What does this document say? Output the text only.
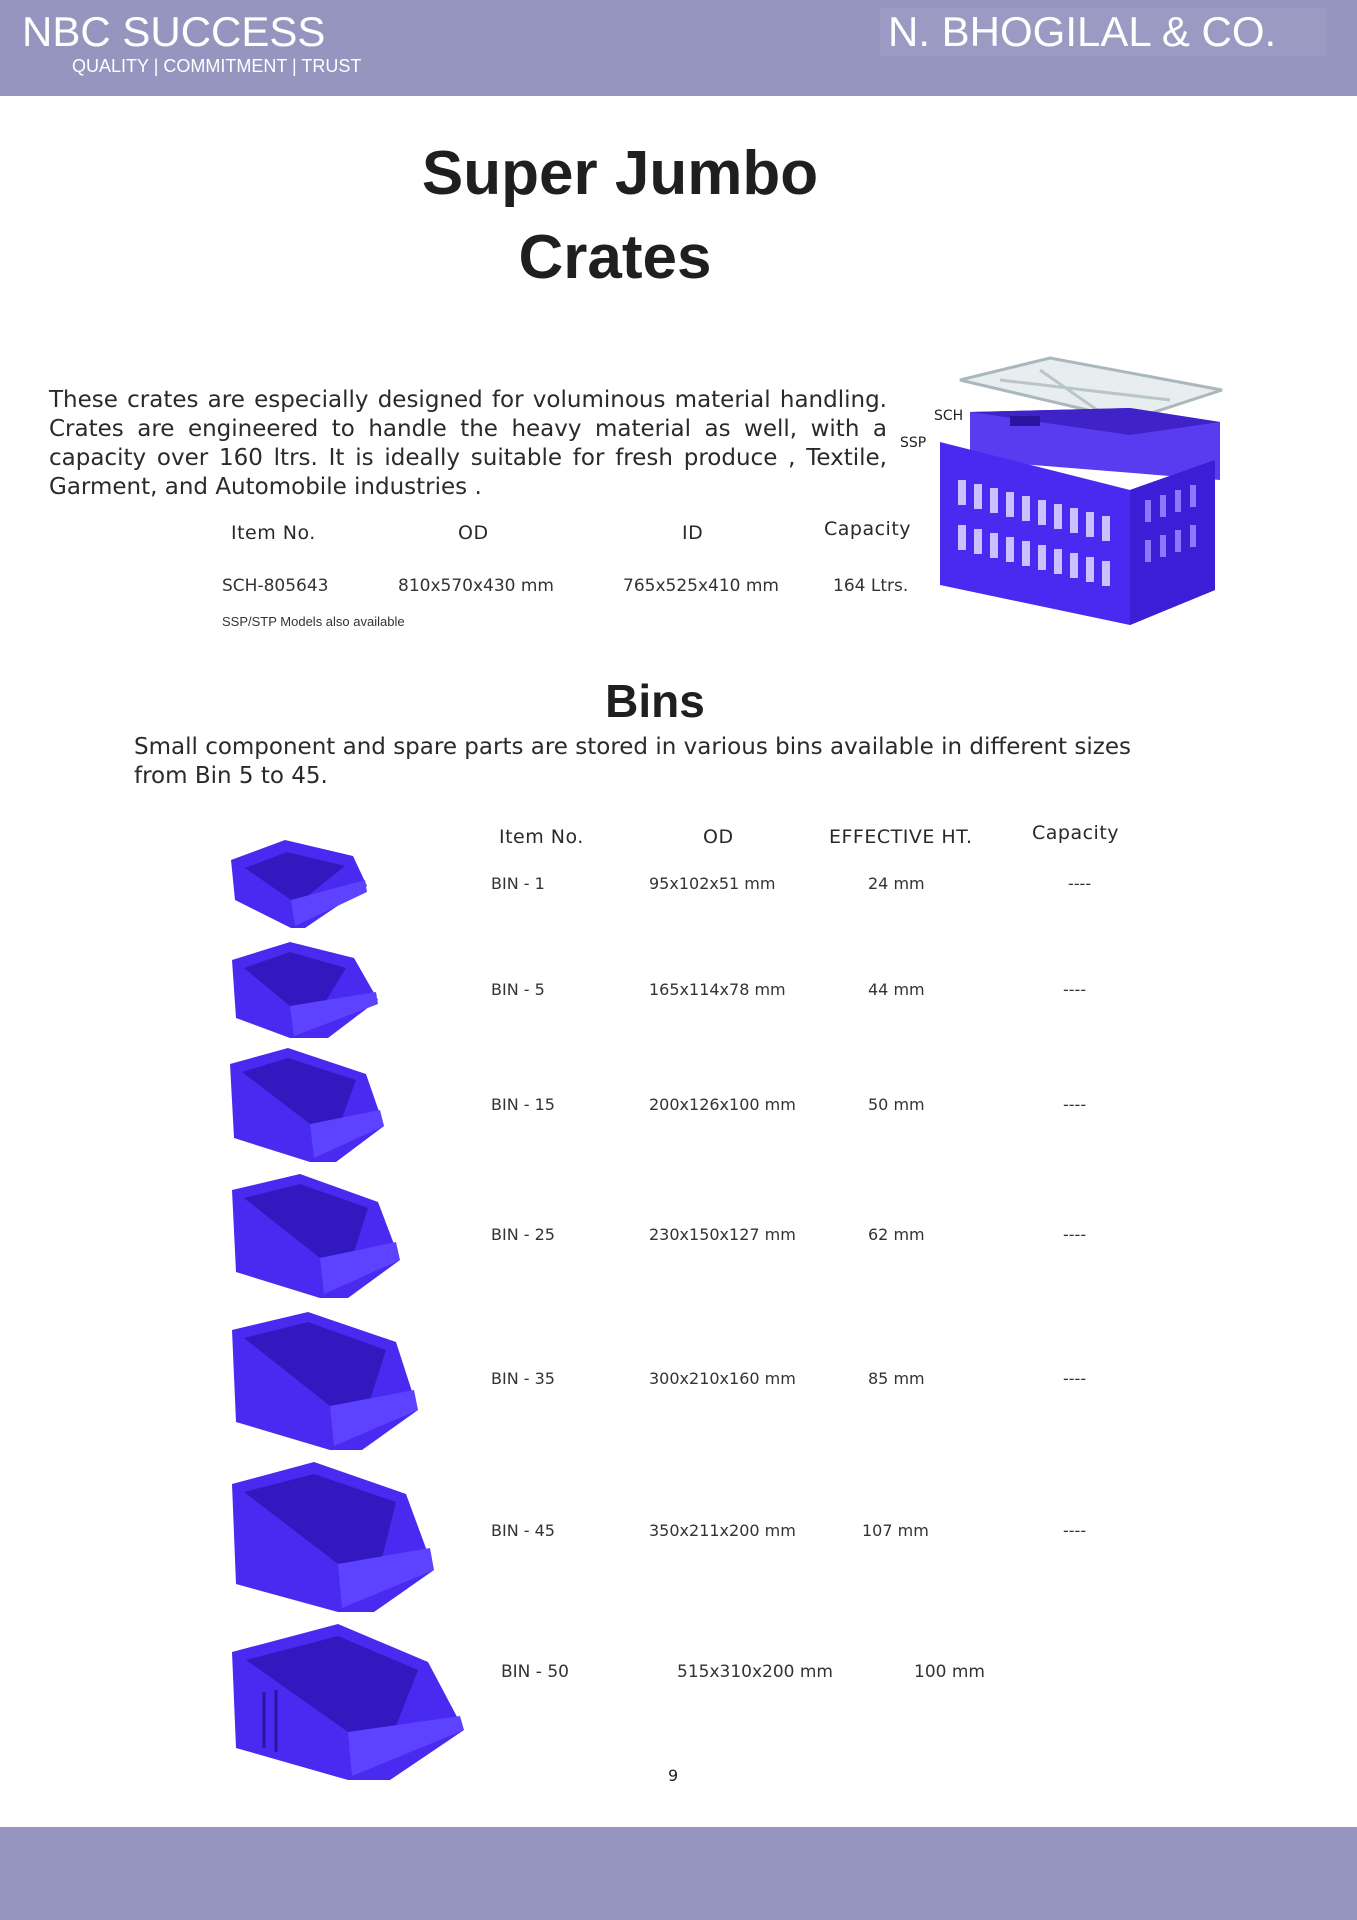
NBC SUCCESS
QUALITY | COMMITMENT | TRUST
N. BHOGILAL & CO.
Super Jumbo
Crates
These crates are especially designed for voluminous material handling. Crates are engineered to handle the heavy material as well, with a capacity over 160 ltrs. It is ideally suitable for fresh produce , Textile, Garment, and Automobile industries .
Item No.	OD	ID	Capacity
SCH-805643	810x570x430 mm	765x525x410 mm	164 Ltrs.
SSP/STP Models also available
SCH
SSP
Bins
Small component and spare parts are stored in various bins available in different sizes from Bin 5 to 45.
Item No.	OD	EFFECTIVE HT.	Capacity
BIN - 1	95x102x51 mm	24 mm	----
BIN - 5	165x114x78 mm	44 mm	----
BIN - 15	200x126x100 mm	50 mm	----
BIN - 25	230x150x127 mm	62 mm	----
BIN - 35	300x210x160 mm	85 mm	----
BIN - 45	350x211x200 mm	107 mm	----
BIN - 50	515x310x200 mm	100 mm
9
